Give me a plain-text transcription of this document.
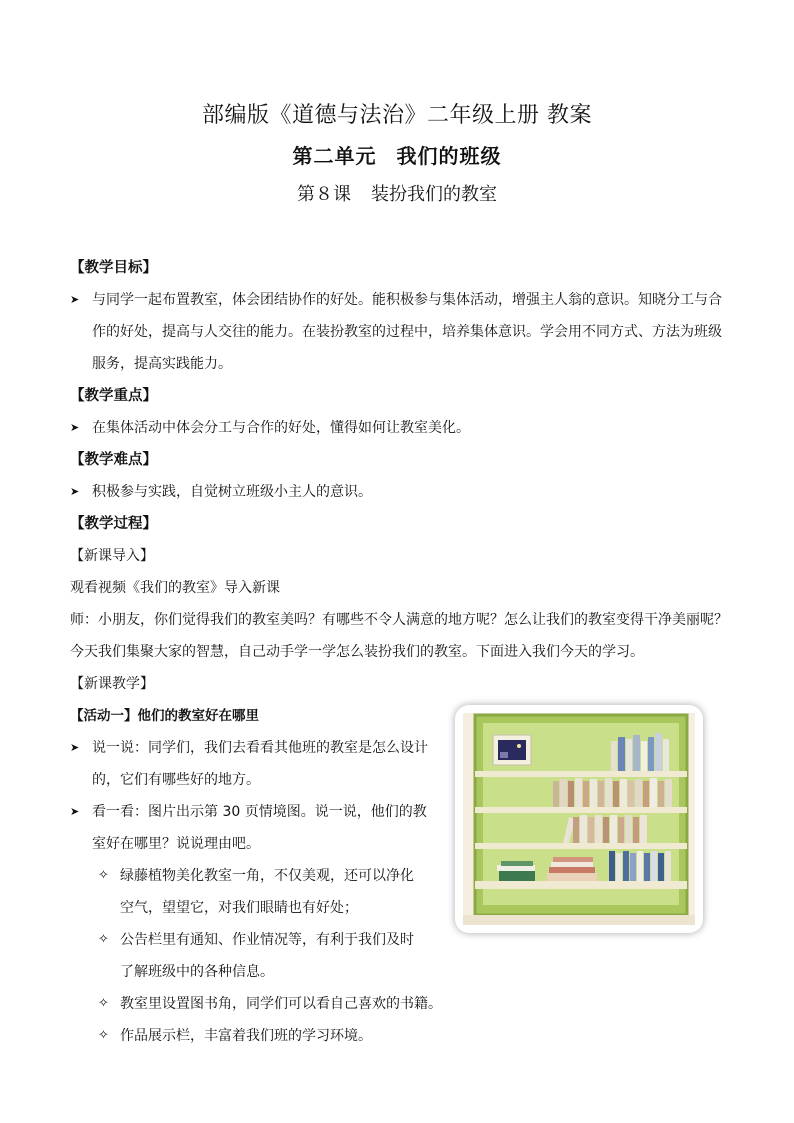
部编版《道德与法治》二年级上册 教案
第二单元 我们的班级
第８课 装扮我们的教室
【教学目标】
➤ 与同学一起布置教室，体会团结协作的好处。能积极参与集体活动，增强主人翁的意识。知晓分工与合作的好处，提高与人交往的能力。在装扮教室的过程中，培养集体意识。学会用不同方式、方法为班级服务，提高实践能力。
【教学重点】
➤ 在集体活动中体会分工与合作的好处，懂得如何让教室美化。
【教学难点】
➤ 积极参与实践，自觉树立班级小主人的意识。
【教学过程】
【新课导入】
观看视频《我们的教室》导入新课
师：小朋友，你们觉得我们的教室美吗？有哪些不令人满意的地方呢？怎么让我们的教室变得干净美丽呢？今天我们集聚大家的智慧，自己动手学一学怎么装扮我们的教室。下面进入我们今天的学习。
【新课教学】
【活动一】他们的教室好在哪里
➤ 说一说：同学们，我们去看看其他班的教室是怎么设计的，它们有哪些好的地方。
➤ 看一看：图片出示第 30 页情境图。说一说，他们的教室好在哪里？说说理由吧。
✧ 绿藤植物美化教室一角，不仅美观，还可以净化空气，望望它，对我们眼睛也有好处；
✧ 公告栏里有通知、作业情况等，有利于我们及时了解班级中的各种信息。
✧ 教室里设置图书角，同学们可以看自己喜欢的书籍。
✧ 作品展示栏，丰富着我们班的学习环境。
